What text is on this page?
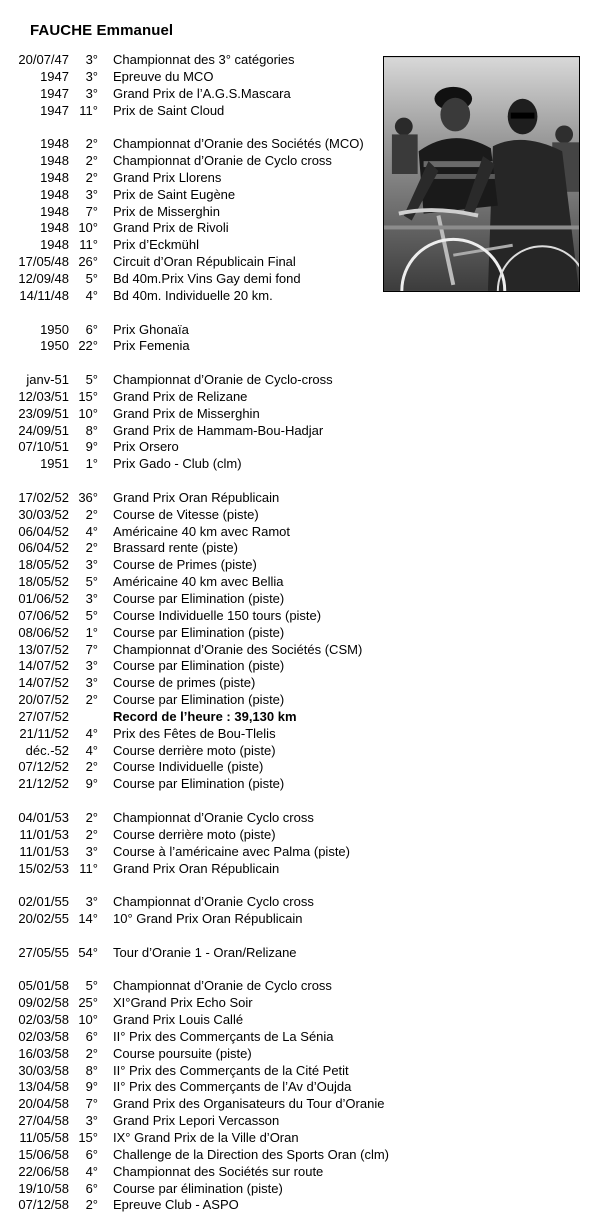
FAUCHE Emmanuel
20/07/47 3° Championnat des 3° catégories
1947 3° Epreuve du MCO
1947 3° Grand Prix de l’A.G.S.Mascara
1947 11° Prix de Saint Cloud
1948 2° Championnat d’Oranie des Sociétés (MCO)
1948 2° Championnat d’Oranie de Cyclo cross
1948 2° Grand Prix Llorens
1948 3° Prix de Saint Eugène
1948 7° Prix de Misserghin
1948 10° Grand Prix de Rivoli
1948 11° Prix d’Eckmühl
17/05/48 26° Circuit d’Oran Républicain Final
12/09/48 5° Bd 40m.Prix Vins Gay demi fond
14/11/48 4° Bd 40m. Individuelle 20 km.
1950 6° Prix Ghonaïa
1950 22° Prix Femenia
janv-51 5° Championnat d’Oranie de Cyclo-cross
12/03/51 15° Grand Prix de Relizane
23/09/51 10° Grand Prix de Misserghin
24/09/51 8° Grand Prix de Hammam-Bou-Hadjar
07/10/51 9° Prix Orsero
1951 1° Prix Gado - Club (clm)
17/02/52 36° Grand Prix Oran Républicain
30/03/52 2° Course de Vitesse (piste)
06/04/52 4° Américaine 40 km avec Ramot
06/04/52 2° Brassard rente (piste)
18/05/52 3° Course de Primes (piste)
18/05/52 5° Américaine 40 km avec Bellia
01/06/52 3° Course par Elimination (piste)
07/06/52 5° Course Individuelle 150 tours (piste)
08/06/52 1° Course par Elimination (piste)
13/07/52 7° Championnat d’Oranie des Sociétés (CSM)
14/07/52 3° Course par Elimination (piste)
14/07/52 3° Course de primes (piste)
20/07/52 2° Course par Elimination (piste)
27/07/52	Record de l’heure : 39,130 km
21/11/52 4° Prix des Fêtes de Bou-Tlelis
déc.-52 4° Course derrière moto (piste)
07/12/52 2° Course Individuelle (piste)
21/12/52 9° Course par Elimination (piste)
04/01/53 2° Championnat d’Oranie Cyclo cross
11/01/53 2° Course derrière moto (piste)
11/01/53 3° Course à l’américaine avec Palma (piste)
15/02/53 11° Grand Prix Oran Républicain
02/01/55 3° Championnat d’Oranie Cyclo cross
20/02/55 14° 10° Grand Prix Oran Républicain
27/05/55 54° Tour d’Oranie 1 - Oran/Relizane
05/01/58 5° Championnat d’Oranie de Cyclo cross
09/02/58 25° XI°Grand Prix Echo Soir
02/03/58 10° Grand Prix Louis Callé
02/03/58 6° II° Prix des Commerçants de La Sénia
16/03/58 2° Course poursuite (piste)
30/03/58 8° II° Prix des Commerçants de la Cité Petit
13/04/58 9° II° Prix des Commerçants de l’Av d’Oujda
20/04/58 7° Grand Prix des Organisateurs du Tour d’Oranie
27/04/58 3° Grand Prix Lepori Vercasson
11/05/58 15° IX° Grand Prix de la Ville d’Oran
15/06/58 6° Challenge de la Direction des Sports Oran (clm)
22/06/58 4° Championnat des Sociétés sur route
19/10/58 6° Course par élimination (piste)
07/12/58 2° Epreuve Club - ASPO
